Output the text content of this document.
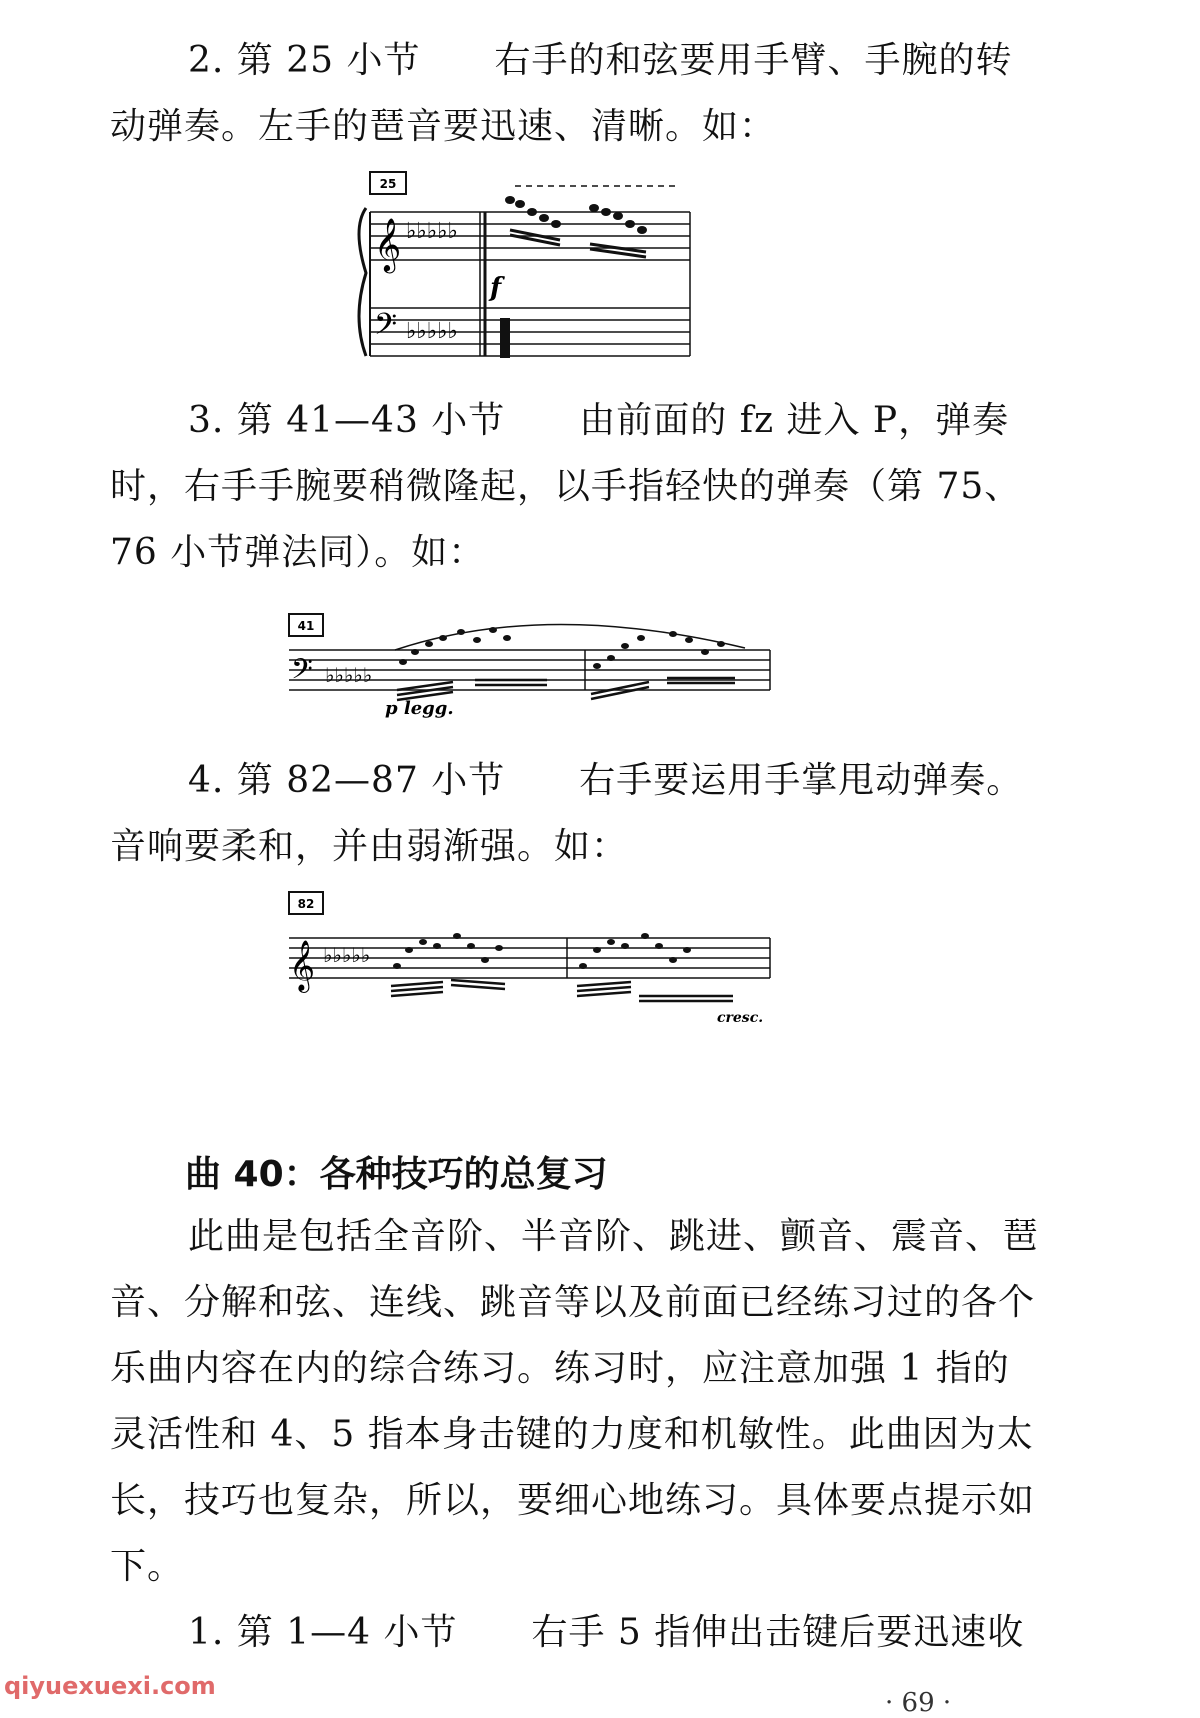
2. 第 25 小节　　右手的和弦要用手臂、手腕的转动弹奏。左手的琶音要迅速、清晰。如：

25
𝄞
𝄢
♭♭♭♭♭
♭♭♭♭♭
f

3. 第 41—43 小节　　由前面的 fz 进入 P，弹奏时，右手手腕要稍微隆起，以手指轻快的弹奏（第 75、76 小节弹法同）。如：

41
𝄢 ♭♭♭♭♭
p legg.

4. 第 82—87 小节　　右手要运用手掌甩动弹奏。音响要柔和，并由弱渐强。如：

82
𝄞 ♭♭♭♭♭
cresc.
曲 40：各种技巧的总复习

此曲是包括全音阶、半音阶、跳进、颤音、震音、琶音、分解和弦、连线、跳音等以及前面已经练习过的各个乐曲内容在内的综合练习。练习时，应注意加强 1 指的灵活性和 4、5 指本身击键的力度和机敏性。此曲因为太长，技巧也复杂，所以，要细心地练习。具体要点提示如下。

1. 第 1—4 小节　　右手 5 指伸出击键后要迅速收

qiyuexuexi.com
· 69 ·
